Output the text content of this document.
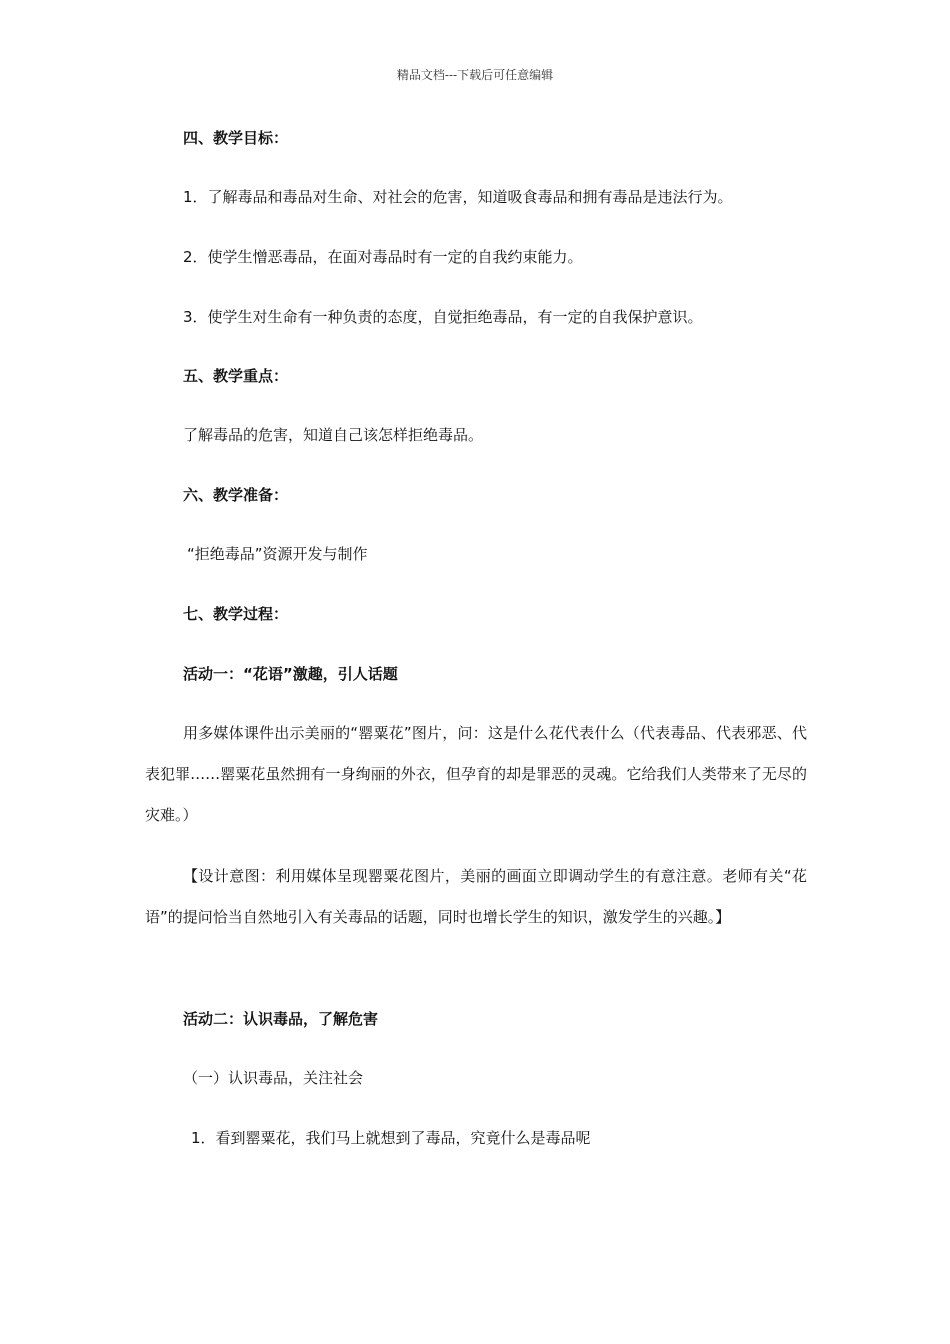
精品文档---下载后可任意编辑
四、教学目标：
1．了解毒品和毒品对生命、对社会的危害，知道吸食毒品和拥有毒品是违法行为。
2．使学生憎恶毒品，在面对毒品时有一定的自我约束能力。
3．使学生对生命有一种负责的态度，自觉拒绝毒品，有一定的自我保护意识。
五、教学重点：
了解毒品的危害，知道自己该怎样拒绝毒品。
六、教学准备：
“拒绝毒品”资源开发与制作
七、教学过程：
活动一：“花语”激趣，引人话题
用多媒体课件出示美丽的“罂粟花”图片，问：这是什么花代表什么（代表毒品、代表邪恶、代表犯罪……罂粟花虽然拥有一身绚丽的外衣，但孕育的却是罪恶的灵魂。它给我们人类带来了无尽的灾难。）
【设计意图：利用媒体呈现罂粟花图片，美丽的画面立即调动学生的有意注意。老师有关“花语”的提问恰当自然地引入有关毒品的话题，同时也增长学生的知识，激发学生的兴趣。】
活动二：认识毒品，了解危害
（一）认识毒品，关注社会
1．看到罂粟花，我们马上就想到了毒品，究竟什么是毒品呢
